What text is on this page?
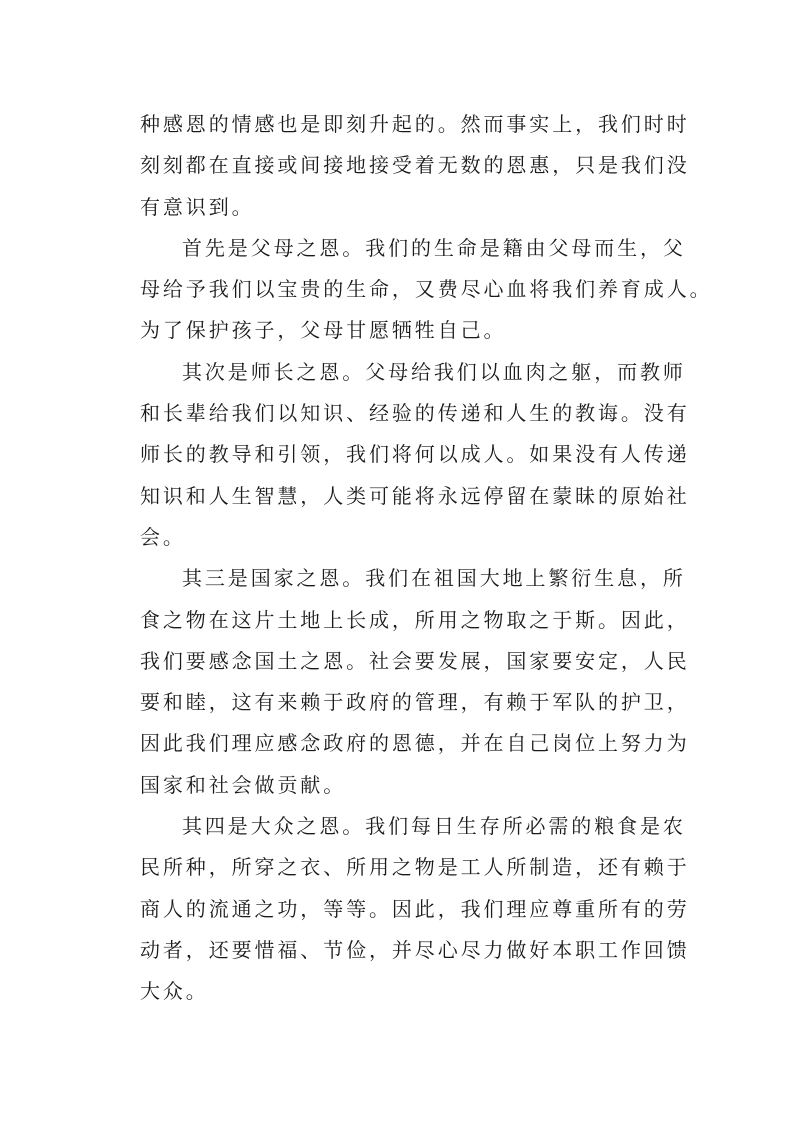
种感恩的情感也是即刻升起的。然而事实上，我们时时
刻刻都在直接或间接地接受着无数的恩惠，只是我们没
有意识到。
首先是父母之恩。我们的生命是籍由父母而生，父
母给予我们以宝贵的生命，又费尽心血将我们养育成人。
为了保护孩子，父母甘愿牺牲自己。
其次是师长之恩。父母给我们以血肉之躯，而教师
和长辈给我们以知识、经验的传递和人生的教诲。没有
师长的教导和引领，我们将何以成人。如果没有人传递
知识和人生智慧，人类可能将永远停留在蒙昧的原始社
会。
其三是国家之恩。我们在祖国大地上繁衍生息，所
食之物在这片土地上长成，所用之物取之于斯。因此，
我们要感念国土之恩。社会要发展，国家要安定，人民
要和睦，这有来赖于政府的管理，有赖于军队的护卫，
因此我们理应感念政府的恩德，并在自己岗位上努力为
国家和社会做贡献。
其四是大众之恩。我们每日生存所必需的粮食是农
民所种，所穿之衣、所用之物是工人所制造，还有赖于
商人的流通之功，等等。因此，我们理应尊重所有的劳
动者，还要惜福、节俭，并尽心尽力做好本职工作回馈
大众。
